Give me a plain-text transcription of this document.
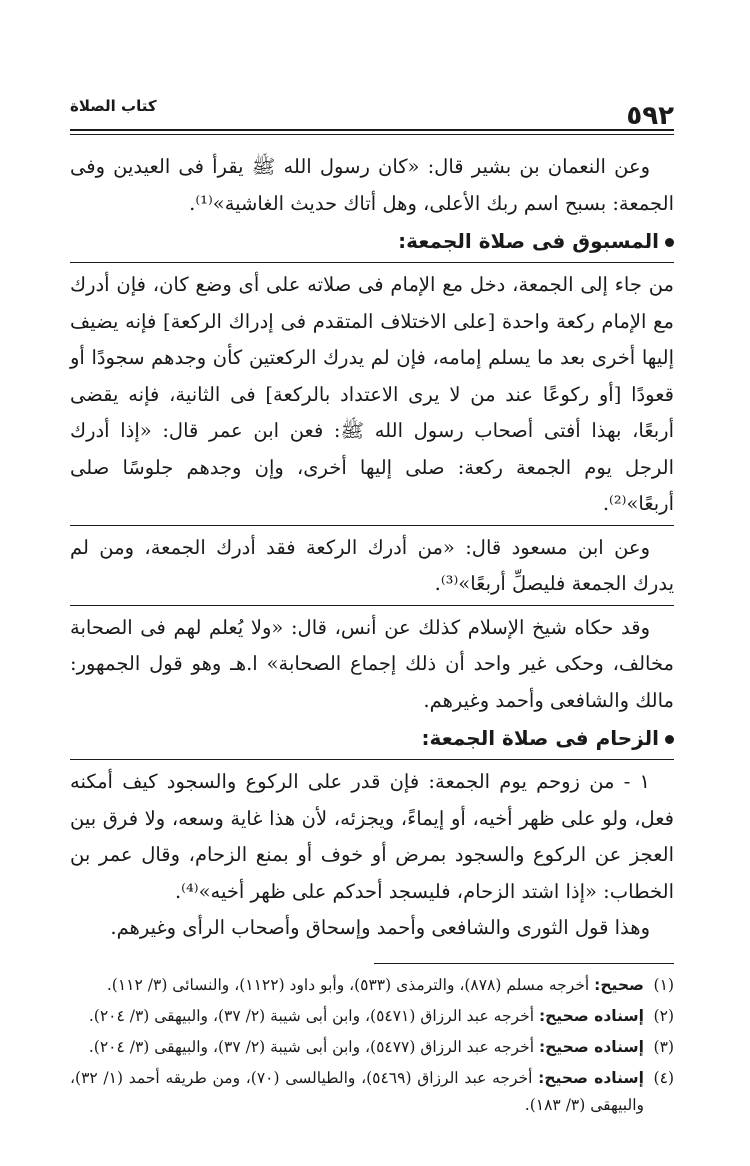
٥٩٢
كتاب الصلاة

وعن النعمان بن بشير قال: «كان رسول الله ﷺ يقرأ فى العيدين وفى الجمعة: بسبح اسم ربك الأعلى، وهل أتاك حديث الغاشية»⁽¹⁾.

المسبوق فى صلاة الجمعة:

من جاء إلى الجمعة، دخل مع الإمام فى صلاته على أى وضع كان، فإن أدرك مع الإمام ركعة واحدة [على الاختلاف المتقدم فى إدراك الركعة] فإنه يضيف إليها أخرى بعد ما يسلم إمامه، فإن لم يدرك الركعتين كأن وجدهم سجودًا أو قعودًا [أو ركوعًا عند من لا يرى الاعتداد بالركعة] فى الثانية، فإنه يقضى أربعًا، بهذا أفتى أصحاب رسول الله ﷺ: فعن ابن عمر قال: «إذا أدرك الرجل يوم الجمعة ركعة: صلى إليها أخرى، وإن وجدهم جلوسًا صلى أربعًا»⁽²⁾.

وعن ابن مسعود قال: «من أدرك الركعة فقد أدرك الجمعة، ومن لم يدرك الجمعة فليصلِّ أربعًا»⁽³⁾.

وقد حكاه شيخ الإسلام كذلك عن أنس، قال: «ولا يُعلم لهم فى الصحابة مخالف، وحكى غير واحد أن ذلك إجماع الصحابة» ا.هـ وهو قول الجمهور: مالك والشافعى وأحمد وغيرهم.

الزحام فى صلاة الجمعة:

١ - من زوحم يوم الجمعة: فإن قدر على الركوع والسجود كيف أمكنه فعل، ولو على ظهر أخيه، أو إيماءً، ويجزئه، لأن هذا غاية وسعه، ولا فرق بين العجز عن الركوع والسجود بمرض أو خوف أو بمنع الزحام، وقال عمر بن الخطاب: «إذا اشتد الزحام، فليسجد أحدكم على ظهر أخيه»⁽⁴⁾.

وهذا قول الثورى والشافعى وأحمد وإسحاق وأصحاب الرأى وغيرهم.

(١)
صحيح: أخرجه مسلم (٨٧٨)، والترمذى (٥٣٣)، وأبو داود (١١٢٢)، والنسائى (٣/ ١١٢).

(٢)
إسناده صحيح: أخرجه عبد الرزاق (٥٤٧١)، وابن أبى شيبة (٢/ ٣٧)، والبيهقى (٣/ ٢٠٤).

(٣)
إسناده صحيح: أخرجه عبد الرزاق (٥٤٧٧)، وابن أبى شيبة (٢/ ٣٧)، والبيهقى (٣/ ٢٠٤).

(٤)
إسناده صحيح: أخرجه عبد الرزاق (٥٤٦٩)، والطيالسى (٧٠)، ومن طريقه أحمد (١/ ٣٢)، والبيهقى (٣/ ١٨٣).
